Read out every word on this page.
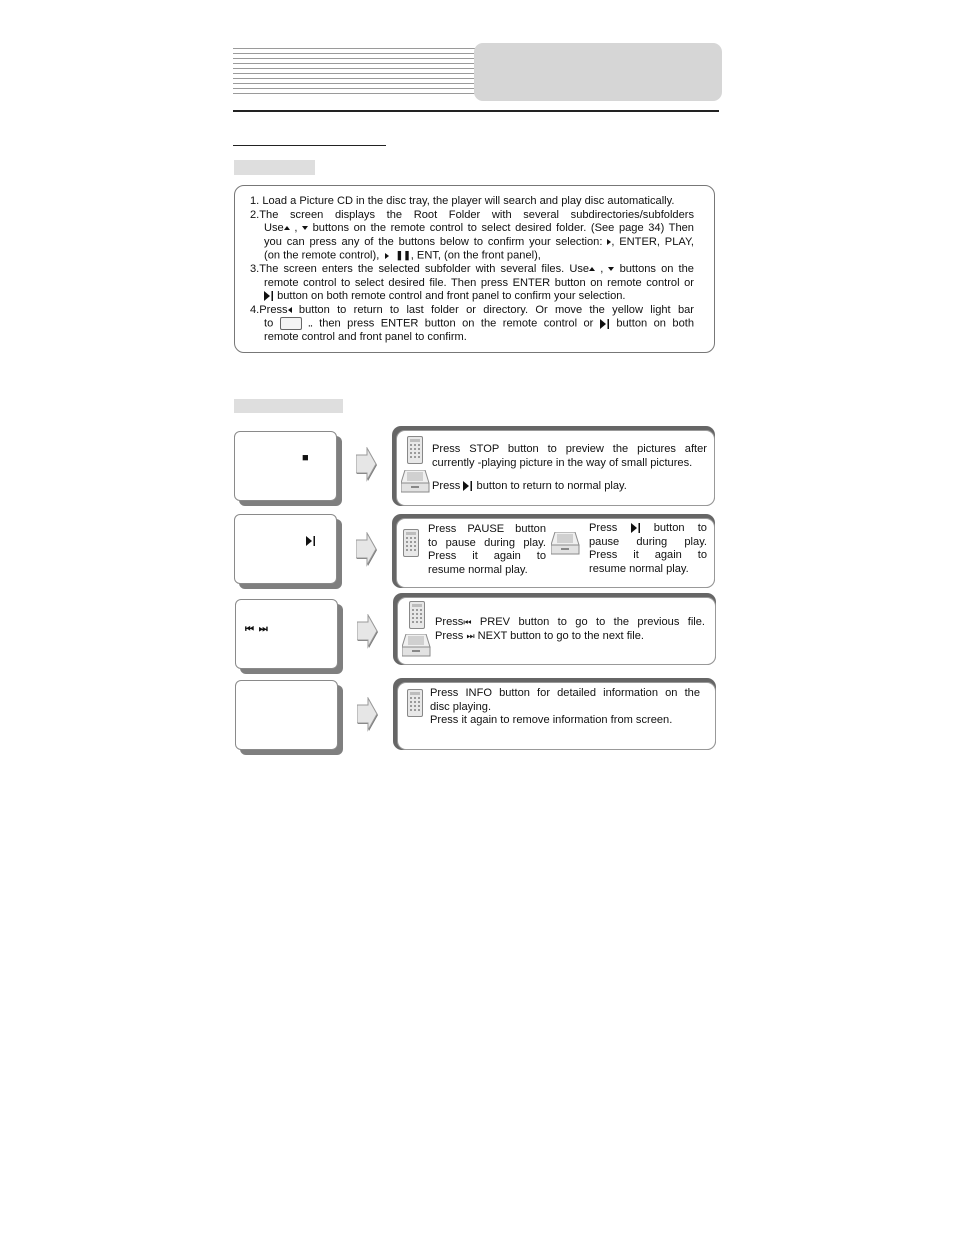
1. Load a Picture CD in the disc tray, the player will search and play disc automatically.

2.The screen displays the Root Folder with several subdirectories/subfolders

Use ,  buttons on the remote control to select desired folder. (See page 34) Then

you can press any of the buttons below to confirm your selection: , ENTER, PLAY,

(on the remote control), ❚❚, ENT, (on the front panel),

3.The screen enters the selected subfolder with several files. Use ,  buttons on the

remote control to select desired file. Then press ENTER button on remote control or

button on both remote control and front panel to confirm your selection.

4.Press button to return to last folder or directory. Or move the yellow light bar

to	.. then press ENTER button on the remote control or button on both

remote control and front panel to confirm.

■

Press STOP button to preview the pictures after

currently -playing picture in the way of small pictures.

Press button to return to normal play.

Press PAUSE button

to pause during play.

Press it again to

resume normal play.

Press	button to

pause during play.

Press it again to

resume normal play.

⏮ ⏭

Press⏮ PREV button to go to the previous file.

Press ⏭ NEXT button to go to the next file.

Press INFO button for detailed information on the

disc playing.

Press it again to remove information from screen.
